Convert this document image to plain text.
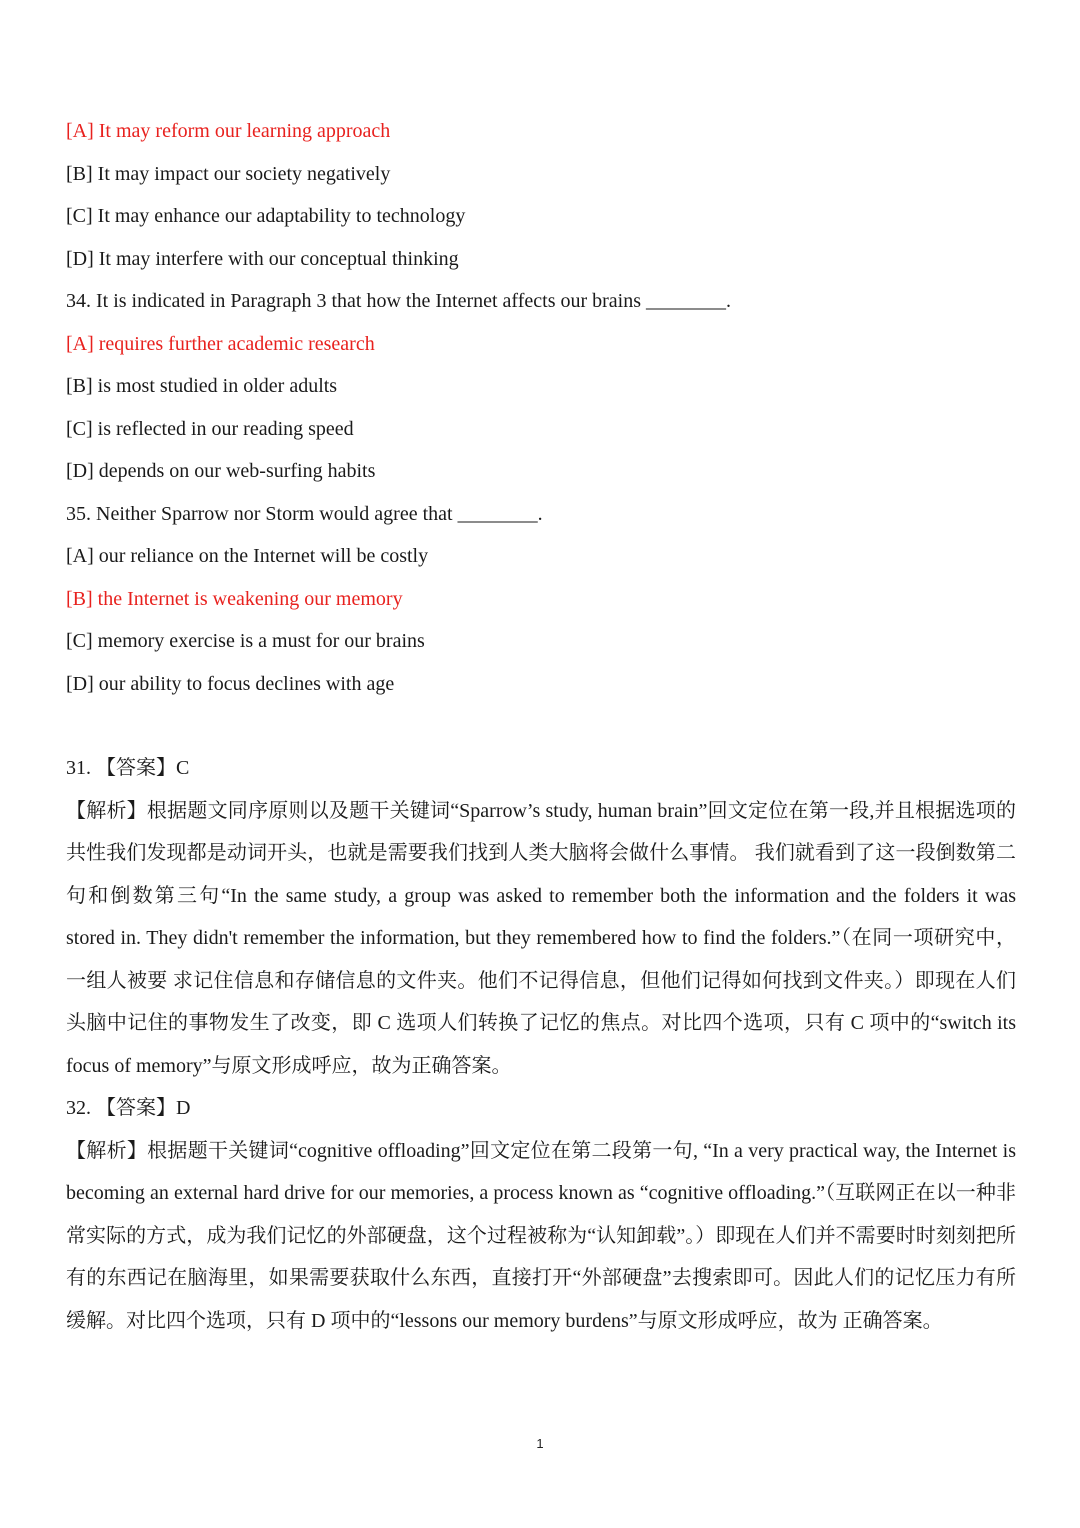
[A] It may reform our learning approach
[B] It may impact our society negatively
[C] It may enhance our adaptability to technology
[D] It may interfere with our conceptual thinking
34. It is indicated in Paragraph 3 that how the Internet affects our brains ________.
[A] requires further academic research
[B] is most studied in older adults
[C] is reflected in our reading speed
[D] depends on our web-surfing habits
35. Neither Sparrow nor Storm would agree that ________.
[A] our reliance on the Internet will be costly
[B] the Internet is weakening our memory
[C] memory exercise is a must for our brains
[D] our ability to focus declines with age
31. 【答案】C

【解析】根据题文同序原则以及题干关键词“Sparrow’s study, human brain”回文定位在第一段,并且根据选项的共性我们发现都是动词开头，也就是需要我们找到人类大脑将会做什么事情。 我们就看到了这一段倒数第二句和倒数第三句“In the same study, a group was asked to remember both the information and the folders it was stored in. They didn't remember the information, but they remembered how to find the folders.”（在同一项研究中，一组人被要 求记住信息和存储信息的文件夹。他们不记得信息，但他们记得如何找到文件夹。）即现在人们头脑中记住的事物发生了改变，即 C 选项人们转换了记忆的焦点。对比四个选项，只有 C 项中的“switch its focus of memory”与原文形成呼应，故为正确答案。

32. 【答案】D

【解析】根据题干关键词“cognitive offloading”回文定位在第二段第一句, “In a very practical way, the Internet is becoming an external hard drive for our memories, a process known as “cognitive offloading.”（互联网正在以一种非常实际的方式，成为我们记忆的外部硬盘，这个过程被称为“认知卸载”。）即现在人们并不需要时时刻刻把所有的东西记在脑海里，如果需要获取什么东西，直接打开“外部硬盘”去搜索即可。因此人们的记忆压力有所缓解。对比四个选项，只有 D 项中的“lessons our memory burdens”与原文形成呼应，故为 正确答案。

1
